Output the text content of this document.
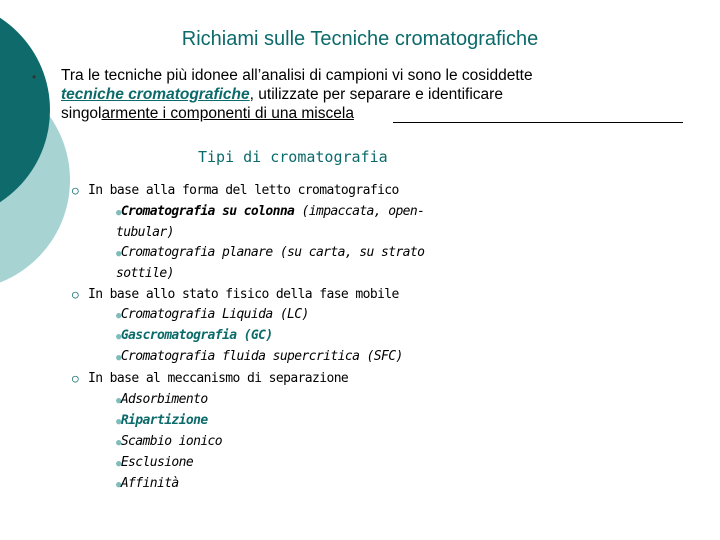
Richiami sulle Tecniche cromatografiche
• Tra le tecniche più idonee all’analisi di campioni vi sono le cosiddette
tecniche cromatografiche, utilizzate per separare e identificare
singolarmente i componenti di una miscela
Tipi di cromatografia
○ In base alla forma del letto cromatografico
●Cromatografia su colonna (impaccata, open-
tubular)
●Cromatografia planare (su carta, su strato
sottile)
○ In base allo stato fisico della fase mobile
●Cromatografia Liquida (LC)
●Gascromatografia (GC)
●Cromatografia fluida supercritica (SFC)
○ In base al meccanismo di separazione
●Adsorbimento
●Ripartizione
●Scambio ionico
●Esclusione
●Affinità
